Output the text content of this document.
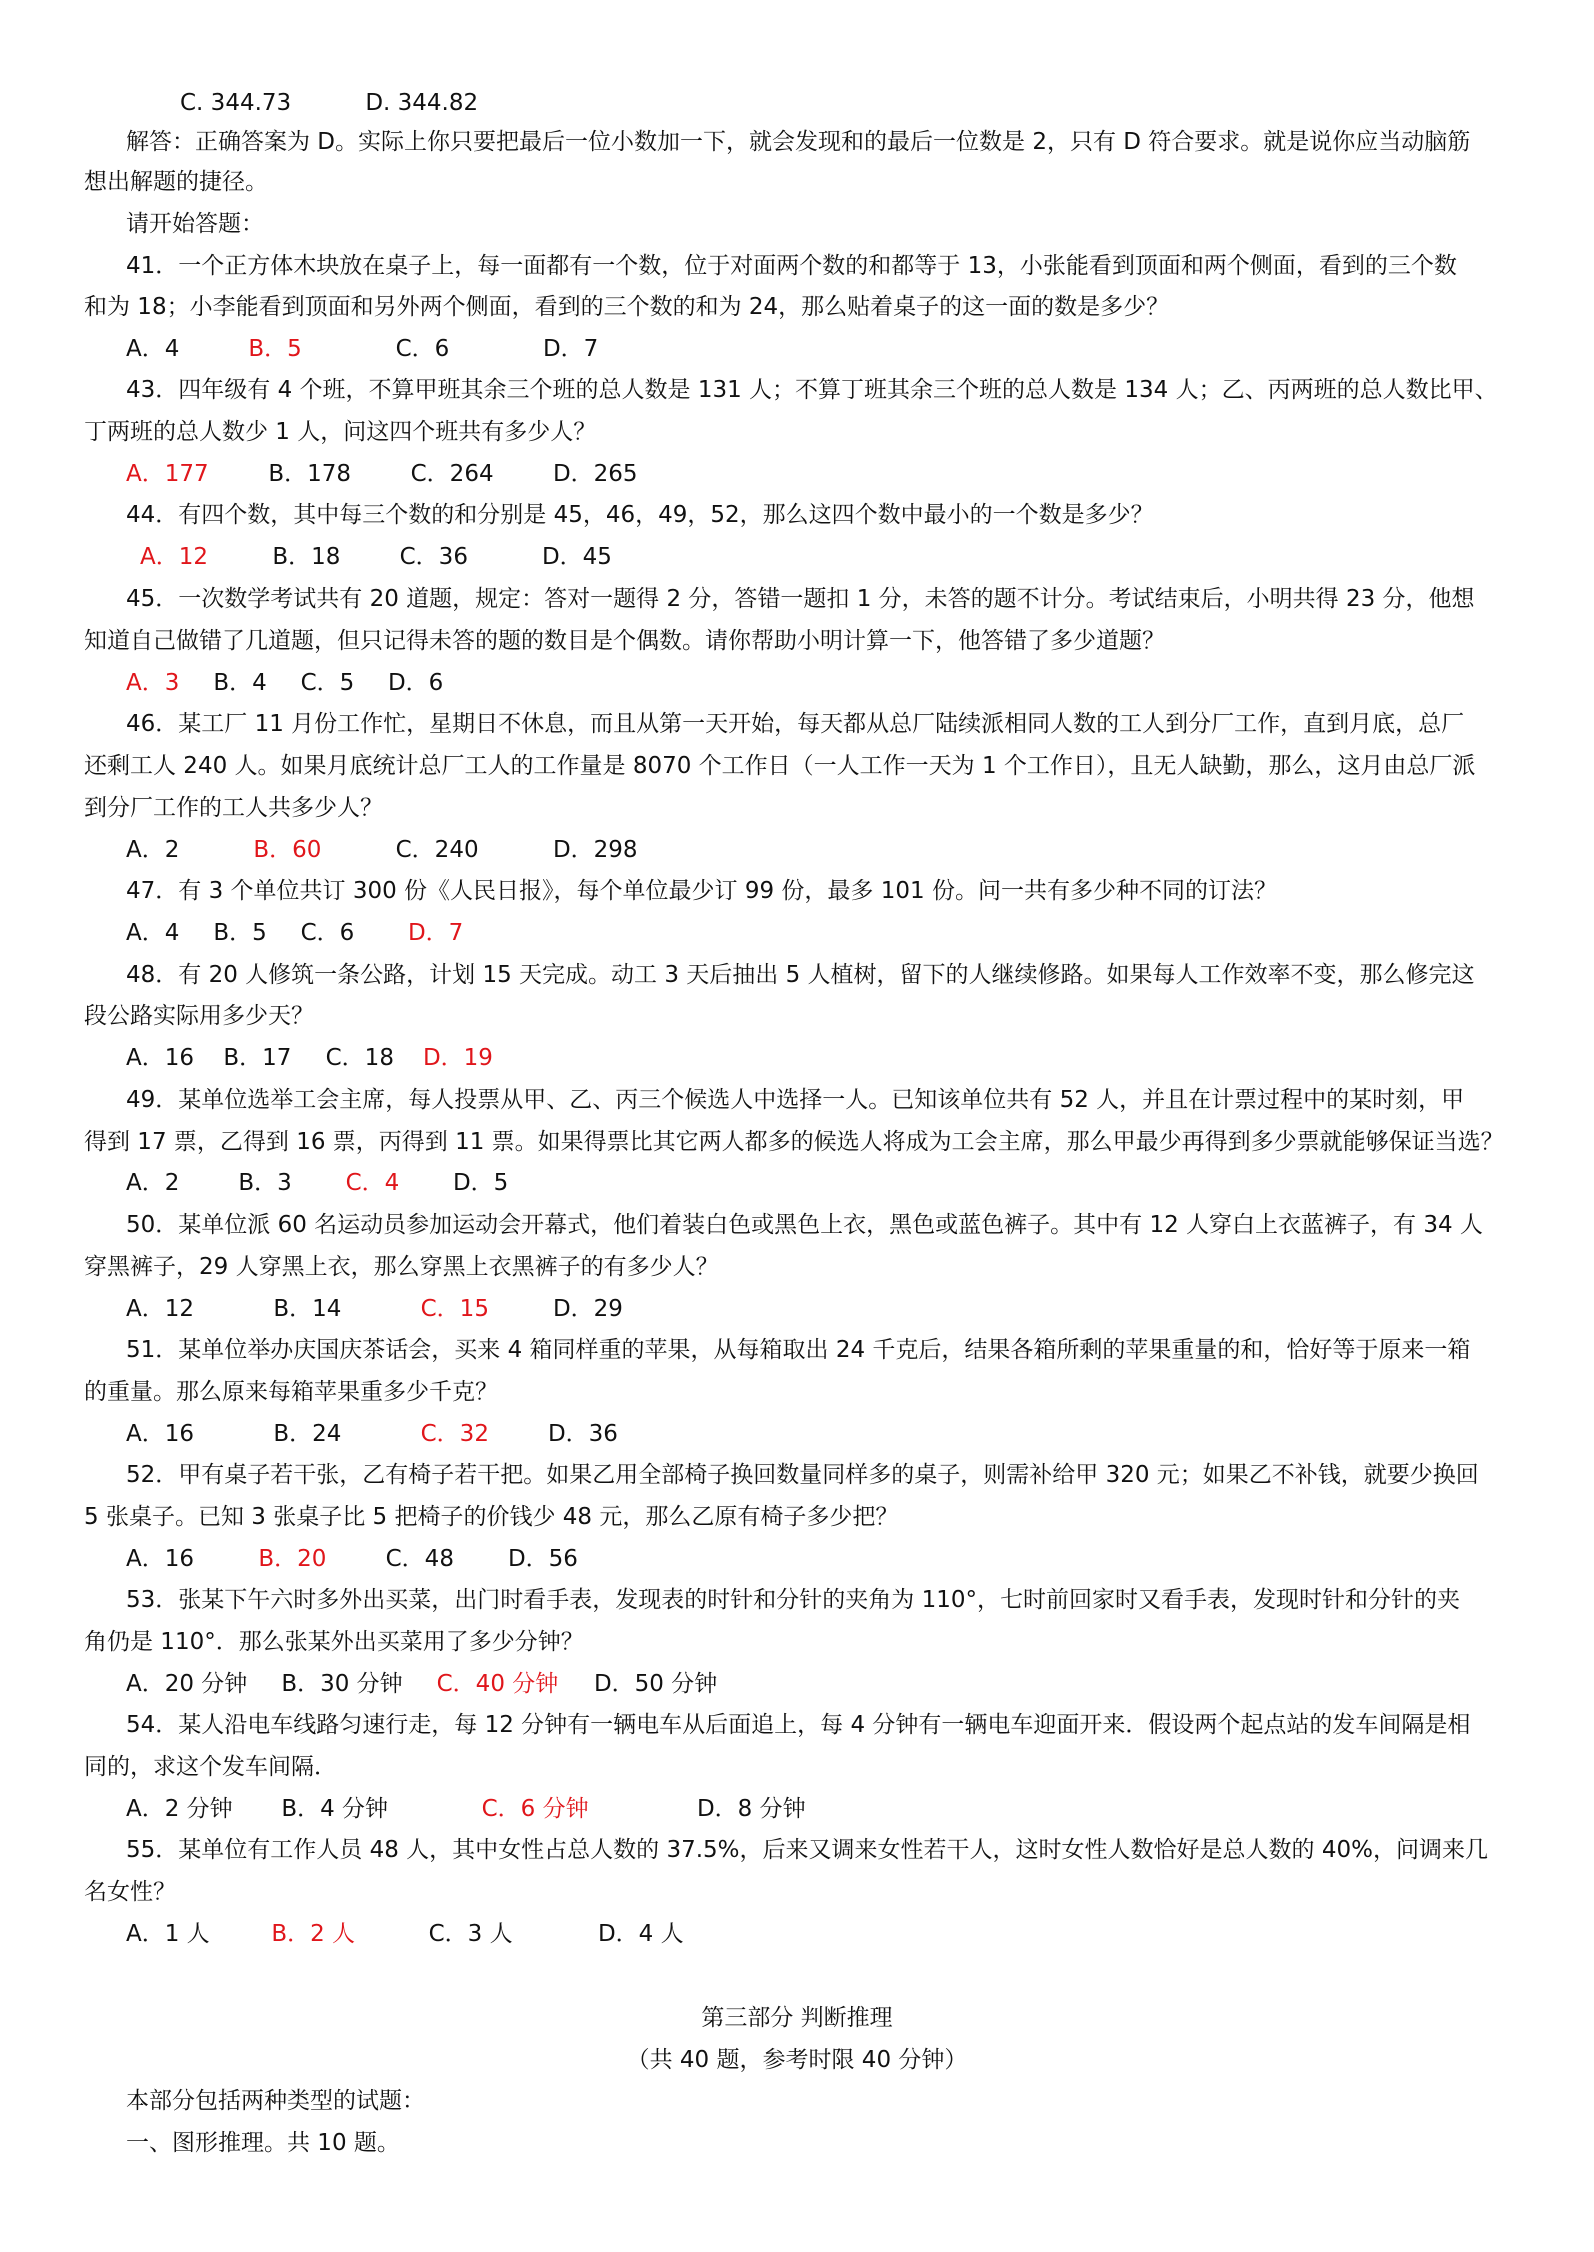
C. 344.73	D. 344.82
解答：正确答案为 D。实际上你只要把最后一位小数加一下，就会发现和的最后一位数是 2，只有 D 符合要求。就是说你应当动脑筋
想出解题的捷径。
请开始答题：
41．一个正方体木块放在桌子上，每一面都有一个数，位于对面两个数的和都等于 13，小张能看到顶面和两个侧面，看到的三个数
和为 18；小李能看到顶面和另外两个侧面，看到的三个数的和为 24，那么贴着桌子的这一面的数是多少？
A．4	B．5	C．6	D．7
43．四年级有 4 个班，不算甲班其余三个班的总人数是 131 人；不算丁班其余三个班的总人数是 134 人；乙、丙两班的总人数比甲、
丁两班的总人数少 1 人，问这四个班共有多少人？
A．177	B．178	C．264	D．265
44．有四个数，其中每三个数的和分别是 45，46，49，52，那么这四个数中最小的一个数是多少？
A．12	B．18	C．36	D．45
45．一次数学考试共有 20 道题，规定：答对一题得 2 分，答错一题扣 1 分，未答的题不计分。考试结束后，小明共得 23 分，他想
知道自己做错了几道题，但只记得未答的题的数目是个偶数。请你帮助小明计算一下，他答错了多少道题？
A．3 B．4 C．5 D．6
46．某工厂 11 月份工作忙，星期日不休息，而且从第一天开始，每天都从总厂陆续派相同人数的工人到分厂工作，直到月底，总厂
还剩工人 240 人。如果月底统计总厂工人的工作量是 8070 个工作日（一人工作一天为 1 个工作日），且无人缺勤，那么，这月由总厂派
到分厂工作的工人共多少人？
A．2	B．60	C．240	D．298
47．有 3 个单位共订 300 份《人民日报》，每个单位最少订 99 份，最多 101 份。问一共有多少种不同的订法？
A．4 B．5 C．6 D．7
48．有 20 人修筑一条公路，计划 15 天完成。动工 3 天后抽出 5 人植树，留下的人继续修路。如果每人工作效率不变，那么修完这
段公路实际用多少天？
A．16 B．17 C．18 D．19
49．某单位选举工会主席，每人投票从甲、乙、丙三个候选人中选择一人。已知该单位共有 52 人，并且在计票过程中的某时刻，甲
得到 17 票，乙得到 16 票，丙得到 11 票。如果得票比其它两人都多的候选人将成为工会主席，那么甲最少再得到多少票就能够保证当选？
A．2	B．3 C．4 D．5
50．某单位派 60 名运动员参加运动会开幕式，他们着装白色或黑色上衣，黑色或蓝色裤子。其中有 12 人穿白上衣蓝裤子，有 34 人
穿黑裤子，29 人穿黑上衣，那么穿黑上衣黑裤子的有多少人？
A．12	B．14	C．15	D．29
51．某单位举办庆国庆茶话会，买来 4 箱同样重的苹果，从每箱取出 24 千克后，结果各箱所剩的苹果重量的和，恰好等于原来一箱
的重量。那么原来每箱苹果重多少千克？
A．16	B．24	C．32	D．36
52．甲有桌子若干张，乙有椅子若干把。如果乙用全部椅子换回数量同样多的桌子，则需补给甲 320 元；如果乙不补钱，就要少换回
5 张桌子。已知 3 张桌子比 5 把椅子的价钱少 48 元，那么乙原有椅子多少把？
A．16	B．20	C．48 D．56
53．张某下午六时多外出买菜，出门时看手表，发现表的时针和分针的夹角为 110°，七时前回家时又看手表，发现时针和分针的夹
角仍是 110°．那么张某外出买菜用了多少分钟？
A．20 分钟 B．30 分钟 C．40 分钟 D．50 分钟
54．某人沿电车线路匀速行走，每 12 分钟有一辆电车从后面追上，每 4 分钟有一辆电车迎面开来．假设两个起点站的发车间隔是相
同的，求这个发车间隔．
A．2 分钟 B．4 分钟	C．6 分钟	D．8 分钟
55．某单位有工作人员 48 人，其中女性占总人数的 37.5%，后来又调来女性若干人，这时女性人数恰好是总人数的 40%，问调来几
名女性？
A．1 人	B．2 人	C．3 人	D．4 人
第三部分 判断推理
（共 40 题，参考时限 40 分钟）
本部分包括两种类型的试题：
一、图形推理。共 10 题。
